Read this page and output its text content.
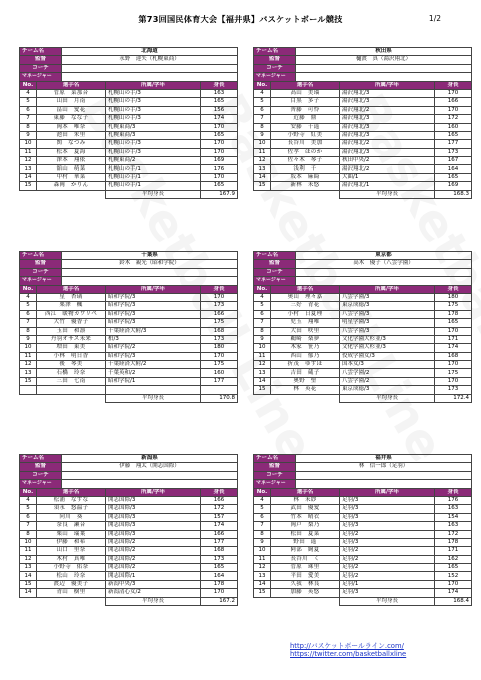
第73回国民体育大会【福井県】バスケットボール競技	1/2
チーム名		北海道		
監督		永野　達矢（札幌東商）		
コーチ				
マネージャー				
No.	選手名		所属/学年	身長
4	菅原　菜那音		札幌山の手/3	163
5	山田　月南		札幌山の手/3	165
6	畠山　愛花		札幌山の手/3	156
7	東藤　なな子		札幌山の手/3	174
8	岡本　唯奈		札幌東商/3	170
9	池田　朱里		札幌東商/3	165
10	関　なつみ		札幌山の手/3	170
11	松本　夏海		札幌山の手/3	170
12	澤本　翔依		札幌東商/2	169
13	舘山　萌菜		札幌山の手/1	176
14	中村　華菜		札幌山の手/1	170
15	森岡　かりん		札幌山の手/1	165
			平均身長	167.9
チーム名		秋田県		
監督		樋渡　真（湯沢翔北）		
コーチ				
マネージャー				
No.	選手名		所属/学年	身長
4	高山　美瑠		湯沢翔北/3	170
5	目黒　多子		湯沢翔北/3	166
6	齊藤　可怜		湯沢翔北/2	170
7	近藤　鼎		湯沢翔北/3	172
8	安藤　千遥		湯沢翔北/3	160
9	小野寺　紅美		湯沢翔北/3	165
10	長谷川　美加		湯沢翔北/2	177
11	佐孝　ほのか		湯沢翔北/3	173
12	佐々木　琴子		秋田中央/2	167
13	浅利　千		湯沢翔北/2	164
14	坂本　麻綺		大曲/1	165
15	新林　未悠		湯沢翔北/1	169
			平均身長	168.3
チーム名		千葉県		
監督		鈴木　親光（昭和学院）		
コーチ				
マネージャー				
No.	選手名		所属/学年	身長
4	星　杏璃		昭和学院/3	170
5	栗澤　楓		昭和学院/3	173
6	西江　暖物カワリペ		昭和学院/3	166
7	大竹　優香子		昭和学院/3	175
8	玉田　和凛		千葉経済大附/3	168
9	丹羽オサス未来		柏/3	173
10	増田　東美		昭和学院/2	180
11	小林　明日香		昭和学院/3	170
12	後　琴美		千葉経済大附/2	175
13	石橋　玲奈		千葉英和/2	160
15	三田　七南		昭和学院/1	177

			平均身長	170.8
チーム名		東京都		
監督		高木　優子（八雲学園）		
コーチ				
マネージャー				
No.	選手名		所属/学年	身長
4	奥山　理々嘉		八雲学園/3	180
5	三好　青花		東京成徳/3	175
6	小村　日夏理		八雲学園/3	178
7	児玉　翔唯		明星学園/3	165
8	大田　咲里		八雲学園/3	170
9	鵜崎　楽夢		文化学園大杉並/3	171
10	木家　笹乃		文化学園大杉並/3	174
11	西山　郁乃		佼成学園女/3	168
12	折茂　ゆずほ		国本女/3	170
13	吉田　蔵子		八雲学園/2	175
14	奥野　聖		八雲学園/2	170
15	林　英花		東京成徳/3	173
			平均身長	172.4
チーム名		新潟県		
監督		伊藤　翔太（開志国際）		
コーチ				
マネージャー				
No.	選手名		所属/学年	身長
4	松浦　なずな		開志国際/3	166
5	須永　悠温子		開志国際/3	172
6	向川　葵		開志国際/3	157
7	奈良　瀬音		開志国際/3	174
8	栗山　瑞葉		開志国際/3	166
10	伊藤　和希		開志国際/2	177
11	山口　里奈		開志国際/2	168
12	木村　真唯		開志国際/2	173
13	小野寺　佑奈		開志国際/2	165
14	松山　玲奈		開志国際/1	164
15	渡辺　優美子		新潟中央/3	178
14	青山　樹里		新潟清心女/2	170
			平均身長	167.2
チーム名		福井県		
監督		林　信一郎（足羽）		
コーチ				
マネージャー				
No.	選手名		所属/学年	身長
4	林　未紗		足羽/3	176
5	武田　優愛		足羽/3	163
6	竹本　晴衣		足羽/3	154
7	岡戸　梨乃		足羽/3	163
8	松田　夏菜		足羽/2	172
9	野田　遥		足羽/3	178
10	阿部　絢夏		足羽/2	171
11	長谷川　く		足羽/2	162
12	菅原　珠里		足羽/2	165
13	平田　愛美		足羽/2	152
14	久我　林良		足羽/1	170
15	加藤　英悠		足羽/3	174
			平均身長	168.4
http://バスケットボールライン.com/
https://twitter.com/basketballxline
